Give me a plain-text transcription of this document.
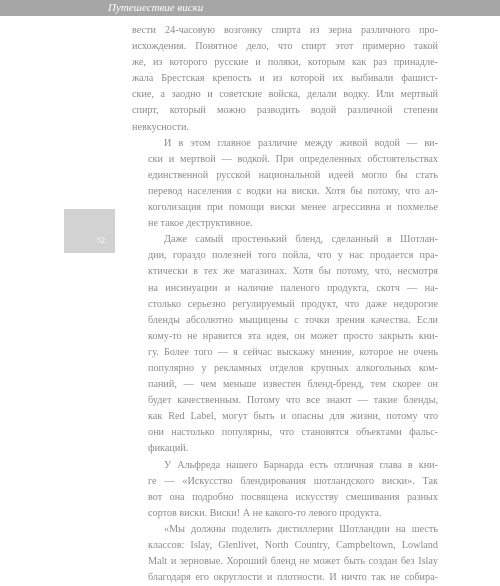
Путешествие виски
52
вести 24-часовую возгонку спирта из зерна различного про-
исхождения. Понятное дело, что спирт этот примерно такой
же, из которого русские и поляки, которым как раз принадле-
жала Брестская крепость и из которой их выбивали фашист-
ские, а заодно и советские войска, делали водку. Или мертвый
спирт, который можно разводить водой различной степени
невкусности.
И в этом главное различие между живой водой — ви-
ски и мертвой — водкой. При определенных обстоятельствах
единственной русской национальной идеей могло бы стать
перевод населения с водки на виски. Хотя бы потому, что ал-
коголизация при помощи виски менее агрессивна и похмелье
не такое деструктивное.
Даже самый простенький бленд, сделанный в Шотлан-
дии, гораздо полезней того пойла, что у нас продается пра-
ктически в тех же магазинах. Хотя бы потому, что, несмотря
на инсинуации и наличие паленого продукта, скотч — на-
столько серьезно регулируемый продукт, что даже недорогие
бленды абсолютно мыщицены с точки зрения качества. Если
кому-то не нравится эта идея, он может просто закрыть кни-
гу. Более того — я сейчас выскажу мнение, которое не очень
популярно у рекламных отделов крупных алкогольных ком-
паний, — чем меньше известен бленд-бренд, тем скорее он
будет качественным. Потому что все знают — такие бленды,
как Red Label, могут быть и опасны для жизни, потому что
они настолько популярны, что становятся объектами фальс-
фикаций.
У Альфреда нашего Барнарда есть отличная глава в кни-
ге — «Искусство блендирования шотландского виски». Так
вот она подробно посвящена искусству смешивания разных
сортов виски. Виски! А не какого-то левого продукта.
«Мы должны поделить дистиллерии Шотландии на шесть
классов: Islay, Glenlivet, North Country, Campbeltown, Lowland
Malt и зерновые. Хороший бленд не может быть создан без Islay
благодаря его округлости и плотности. И ничто так не собира-
